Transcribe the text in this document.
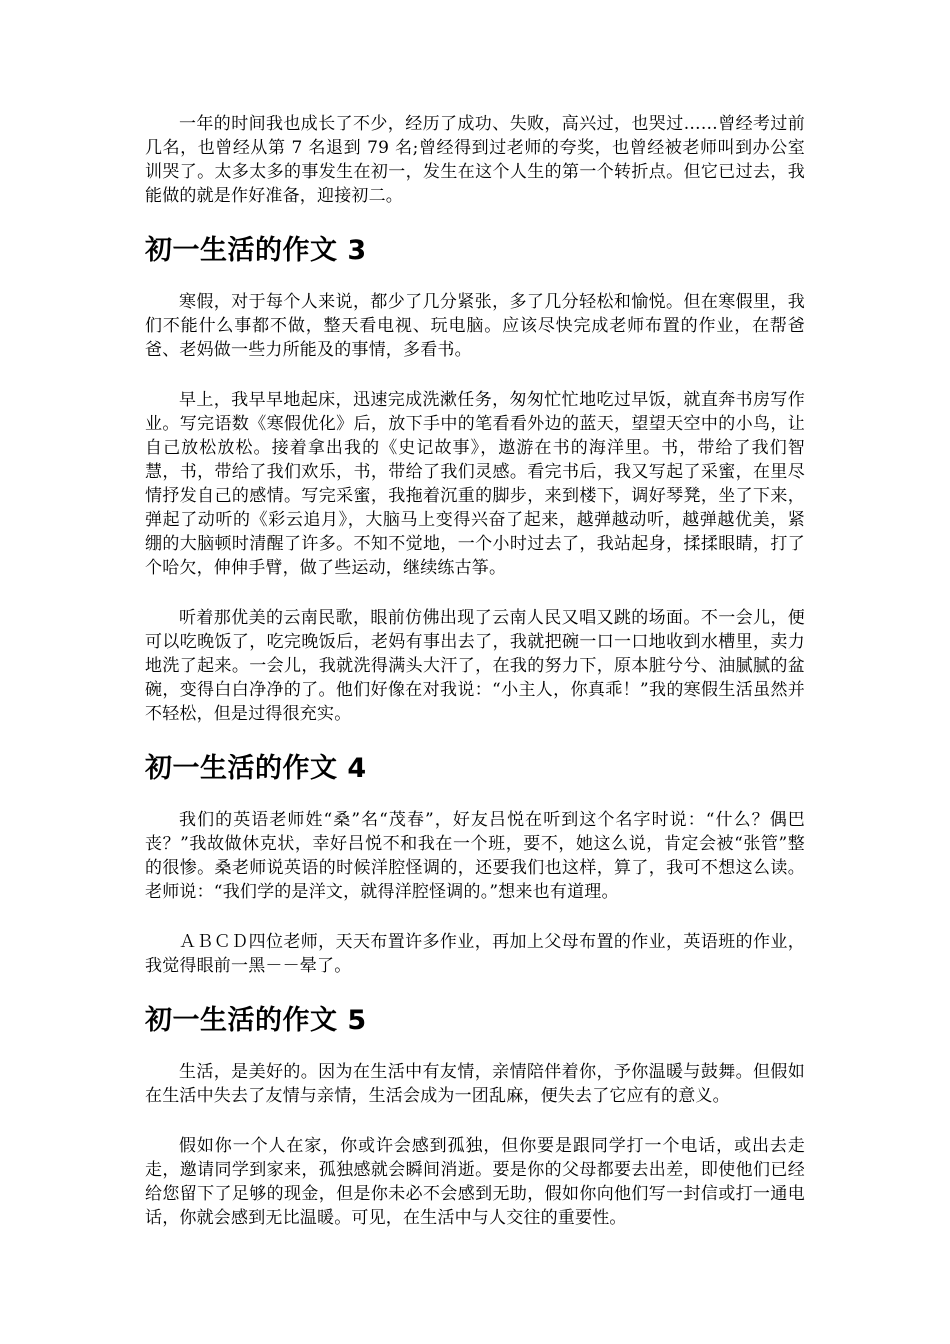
一年的时间我也成长了不少，经历了成功、失败，高兴过，也哭过……曾经考过前几名，也曾经从第 7 名退到 79 名;曾经得到过老师的夸奖，也曾经被老师叫到办公室训哭了。太多太多的事发生在初一，发生在这个人生的第一个转折点。但它已过去，我能做的就是作好准备，迎接初二。

初一生活的作文 3

寒假，对于每个人来说，都少了几分紧张，多了几分轻松和愉悦。但在寒假里，我们不能什么事都不做，整天看电视、玩电脑。应该尽快完成老师布置的作业，在帮爸爸、老妈做一些力所能及的事情，多看书。

早上，我早早地起床，迅速完成洗漱任务，匆匆忙忙地吃过早饭，就直奔书房写作业。写完语数《寒假优化》后，放下手中的笔看看外边的蓝天，望望天空中的小鸟，让自己放松放松。接着拿出我的《史记故事》，遨游在书的海洋里。书，带给了我们智慧，书，带给了我们欢乐，书，带给了我们灵感。看完书后，我又写起了采蜜，在里尽情抒发自己的感情。写完采蜜，我拖着沉重的脚步，来到楼下，调好琴凳，坐了下来，弹起了动听的《彩云追月》，大脑马上变得兴奋了起来，越弹越动听，越弹越优美，紧绷的大脑顿时清醒了许多。不知不觉地，一个小时过去了，我站起身，揉揉眼睛，打了个哈欠，伸伸手臂，做了些运动，继续练古筝。

听着那优美的云南民歌，眼前仿佛出现了云南人民又唱又跳的场面。不一会儿，便可以吃晚饭了，吃完晚饭后，老妈有事出去了，我就把碗一口一口地收到水槽里，卖力地洗了起来。一会儿，我就洗得满头大汗了，在我的努力下，原本脏兮兮、油腻腻的盆碗，变得白白净净的了。他们好像在对我说：“小主人，你真乖！”我的寒假生活虽然并不轻松，但是过得很充实。

初一生活的作文 4

我们的英语老师姓“桑”名“茂春”，好友吕悦在听到这个名字时说：“什么？偶巴丧？”我故做休克状，幸好吕悦不和我在一个班，要不，她这么说，肯定会被“张管”整的很惨。桑老师说英语的时候洋腔怪调的，还要我们也这样，算了，我可不想这么读。老师说：“我们学的是洋文，就得洋腔怪调的。”想来也有道理。

ＡＢＣＤ四位老师，天天布置许多作业，再加上父母布置的作业，英语班的作业，我觉得眼前一黑－－晕了。

初一生活的作文 5

生活，是美好的。因为在生活中有友情，亲情陪伴着你，予你温暖与鼓舞。但假如在生活中失去了友情与亲情，生活会成为一团乱麻，便失去了它应有的意义。

假如你一个人在家，你或许会感到孤独，但你要是跟同学打一个电话，或出去走走，邀请同学到家来，孤独感就会瞬间消逝。要是你的父母都要去出差，即使他们已经给您留下了足够的现金，但是你未必不会感到无助，假如你向他们写一封信或打一通电话，你就会感到无比温暖。可见，在生活中与人交往的重要性。
